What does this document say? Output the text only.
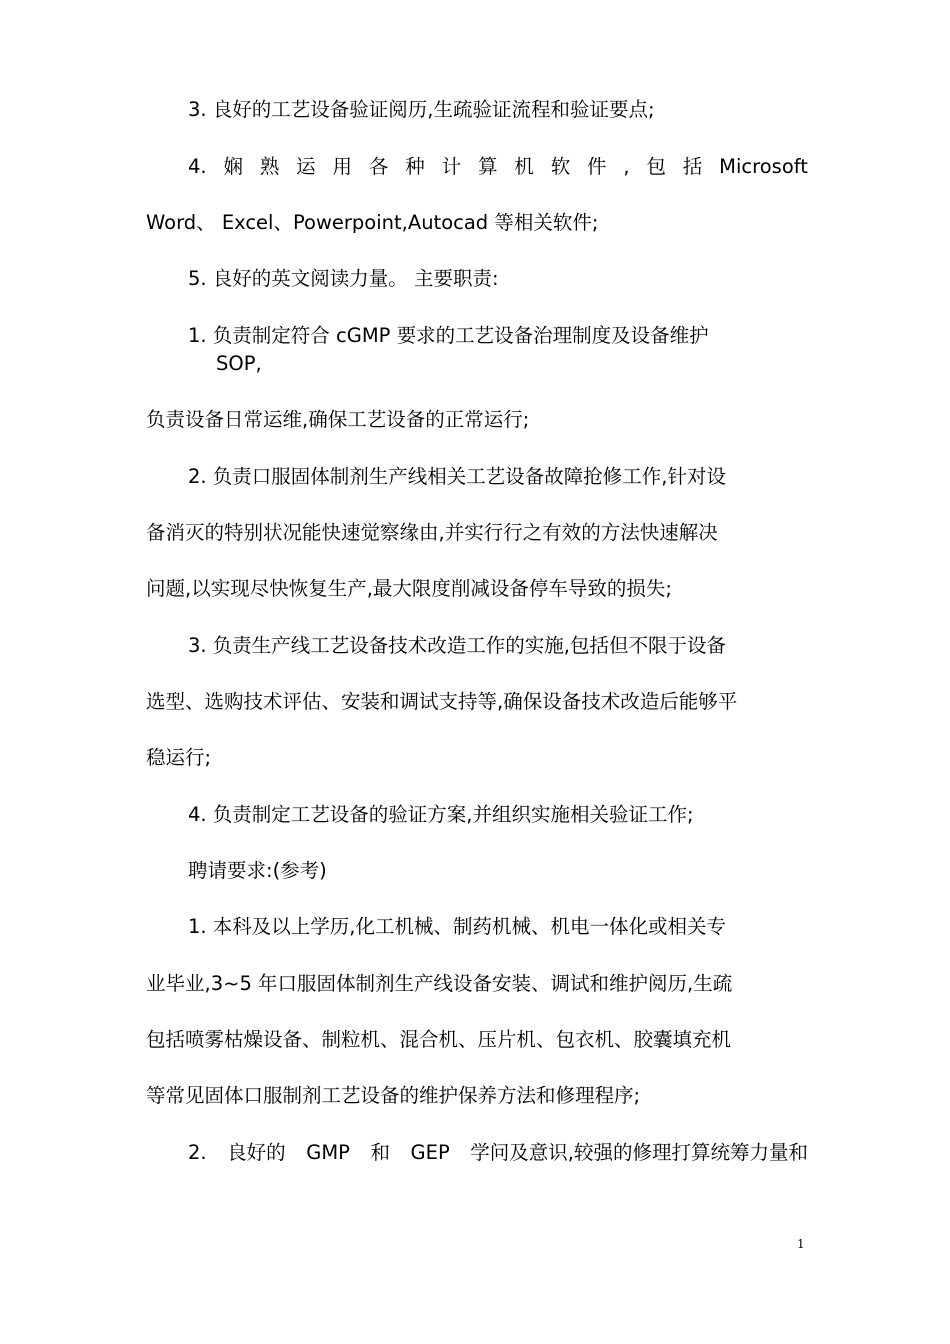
3. 良好的工艺设备验证阅历,生疏验证流程和验证要点;
4. 娴 熟 运 用 各 种 计 算 机 软 件 , 包 括 Microsoft
Word、 Excel、Powerpoint,Autocad 等相关软件;
5. 良好的英文阅读力量。 主要职责:
1. 负责制定符合 cGMP 要求的工艺设备治理制度及设备维护
SOP,
负责设备日常运维,确保工艺设备的正常运行;
2. 负责口服固体制剂生产线相关工艺设备故障抢修工作,针对设
备消灭的特别状况能快速觉察缘由,并实行行之有效的方法快速解决
问题,以实现尽快恢复生产,最大限度削减设备停车导致的损失;
3. 负责生产线工艺设备技术改造工作的实施,包括但不限于设备
选型、选购技术评估、安装和调试支持等,确保设备技术改造后能够平
稳运行;
4. 负责制定工艺设备的验证方案,并组织实施相关验证工作;
聘请要求:(参考)
1. 本科及以上学历,化工机械、制药机械、机电一体化或相关专
业毕业,3~5 年口服固体制剂生产线设备安装、调试和维护阅历,生疏
包括喷雾枯燥设备、制粒机、混合机、压片机、包衣机、胶囊填充机
等常见固体口服制剂工艺设备的维护保养方法和修理程序;
2. 良好的 GMP 和 GEP 学问及意识,较强的修理打算统筹力量和
1
